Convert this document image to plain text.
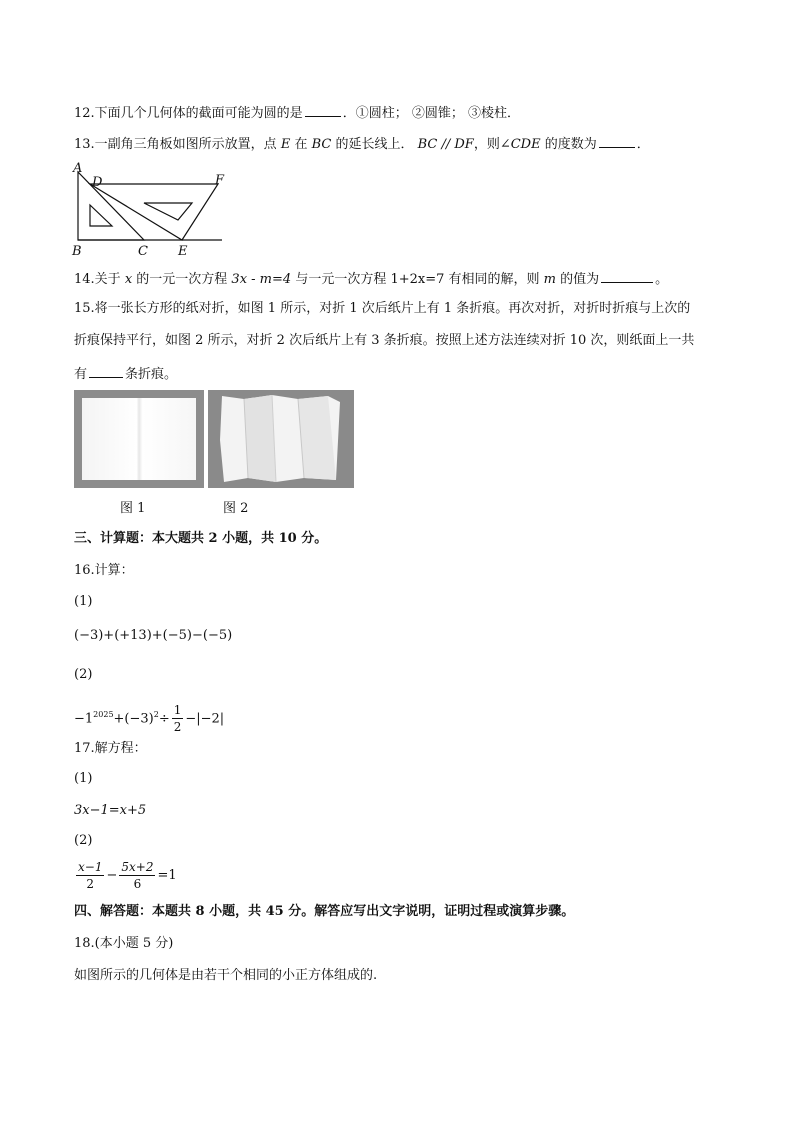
12.下面几个几何体的截面可能为圆的是	．①圆柱； ②圆锥； ③棱柱．
13.一副角三角板如图所示放置，点 E 在 BC 的延长线上． BC // DF，则∠CDE 的度数为	．
A
D	F
B	C E
14.关于 x 的一元一次方程 3x - m=4 与一元一次方程 1+2x=7 有相同的解，则 m 的值为	。
15.将一张长方形的纸对折，如图 1 所示，对折 1 次后纸片上有 1 条折痕。再次对折，对折时折痕与上次的
折痕保持平行，如图 2 所示，对折 2 次后纸片上有 3 条折痕。按照上述方法连续对折 10 次，则纸面上一共
有	条折痕。
图 1	图 2
三、计算题：本大题共 2 小题，共 10 分。
16.计算：
(1)
(−3)+(+13)+(−5)−(−5)
(2)
$-1^{2025}+(-3)^2\div \frac{1}{2} -|-2|$
17.解方程：
(1)
3x−1=x+5
(2)
$\frac{x-1}{2} - \frac{5x+2}{6} =1$
四、解答题：本题共 8 小题，共 45 分。解答应写出文字说明，证明过程或演算步骤。
18.(本小题 5 分)
如图所示的几何体是由若干个相同的小正方体组成的.
